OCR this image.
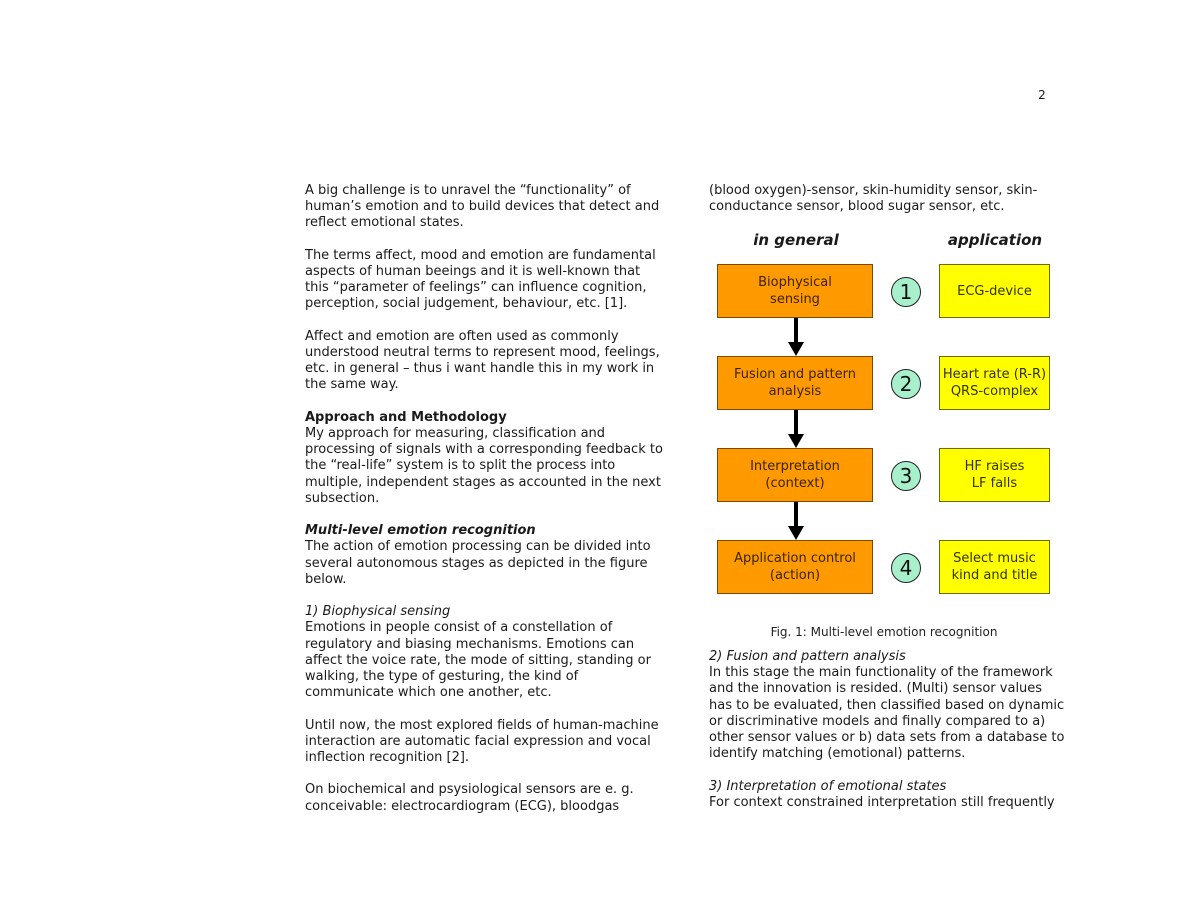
2

A big challenge is to unravel the “functionality” of human’s emotion and to build devices that detect and reflect emotional states.

The terms affect, mood and emotion are fundamental aspects of human beeings and it is well-known that this “parameter of feelings” can influence cognition, perception, social judgement, behaviour, etc. [1].

Affect and emotion are often used as commonly understood neutral terms to represent mood, feelings, etc. in general – thus i want handle this in my work in the same way.

Approach and Methodology

My approach for measuring, classification and processing of signals with a corresponding feedback to the “real-life” system is to split the process into multiple, independent stages as accounted in the next subsection.

Multi-level emotion recognition

The action of emotion processing can be divided into several autonomous stages as depicted in the figure below.

1) Biophysical sensing

Emotions in people consist of a constellation of regulatory and biasing mechanisms. Emotions can affect the voice rate, the mode of sitting, standing or walking, the type of gesturing, the kind of communicate which one another, etc.

Until now, the most explored fields of human-machine interaction are automatic facial expression and vocal inflection recognition [2].

On biochemical and psysiological sensors are e. g. conceivable: electrocardiogram (ECG), bloodgas

(blood oxygen)-sensor, skin-humidity sensor, skin-conductance sensor, blood sugar sensor, etc.

in general	application
Biophysical
sensing	1	ECG-device
Fusion and pattern
analysis	2	Heart rate (R-R)
QRS-complex
Interpretation
(context)	3	HF raises
LF falls
Application control
(action)	4	Select music
kind and title
Fig. 1: Multi-level emotion recognition

2) Fusion and pattern analysis

In this stage the main functionality of the framework and the innovation is resided. (Multi) sensor values has to be evaluated, then classified based on dynamic or discriminative models and finally compared to a) other sensor values or b) data sets from a database to identify matching (emotional) patterns.

3) Interpretation of emotional states

For context constrained interpretation still frequently
